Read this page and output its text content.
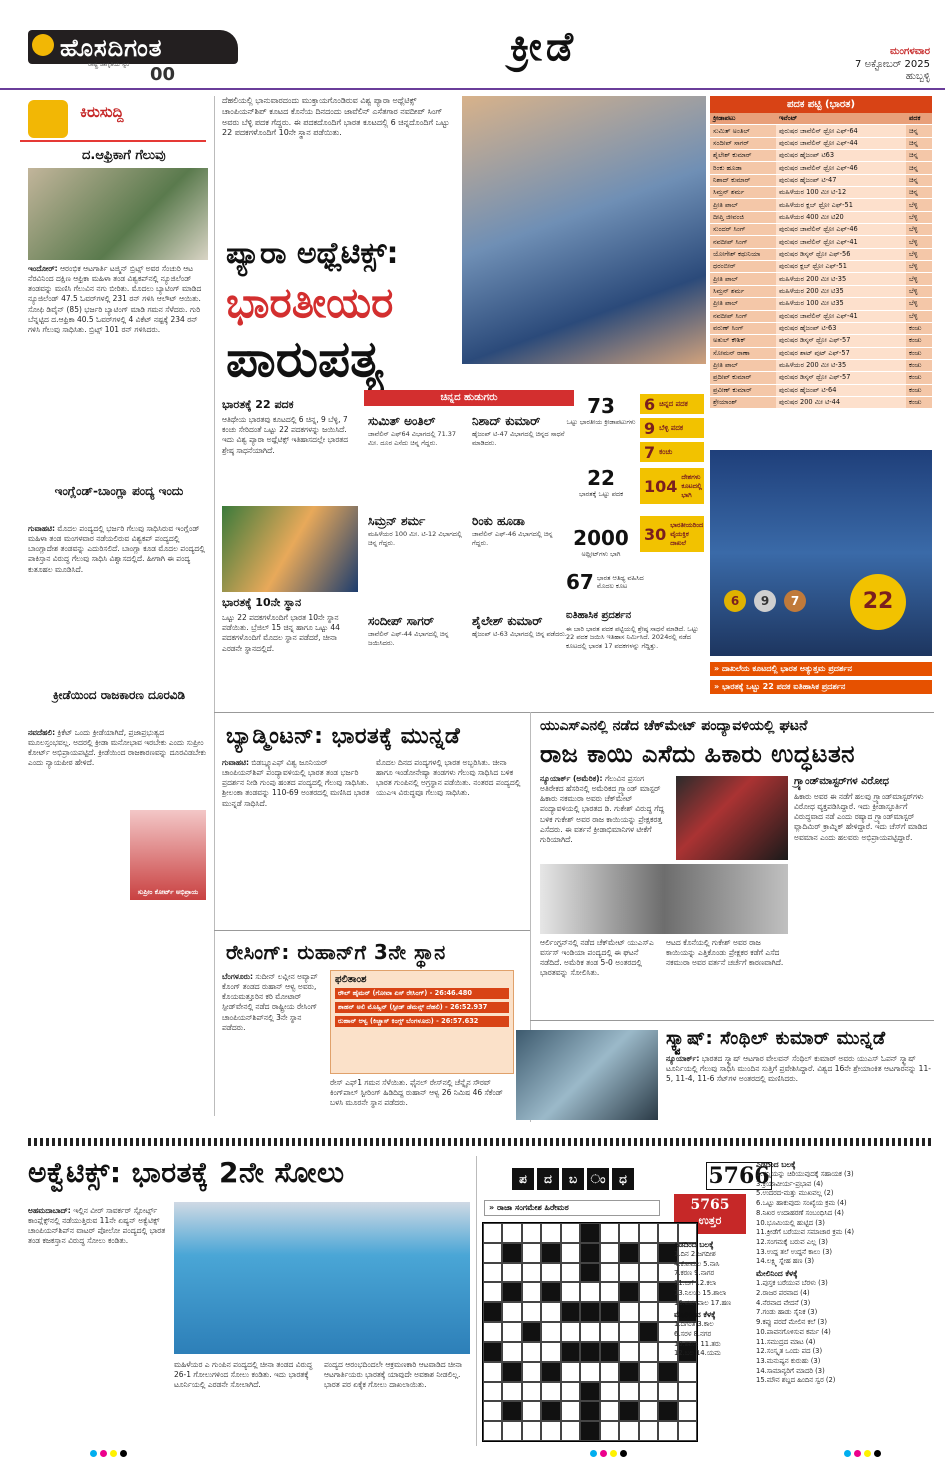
ಹೊಸದಿಗಂತ
ರಾಷ್ಟ್ರ ಜಾಗೃತಿಯ ಸ್ವರ 00
ಕ್ರೀಡೆ	ಮಂಗಳವಾರ
7 ಅಕ್ಟೋಬರ್ 2025
ಹುಬ್ಬಳ್ಳಿ
ಕಿರುಸುದ್ದಿ
ದ.ಆಫ್ರಿಕಾಗೆ ಗೆಲುವು
ಇಂದೋರ್: ಆರಂಭಿಕ ಆಟಗಾರ್ತಿ ಟಜ್ಮಿನ್ ಬ್ರಿಟ್ಸ್ ಅವರ ಸೆಂಚುರಿ ಆಟ ನೆರವಿನಿಂದ ದಕ್ಷಿಣ ಆಫ್ರಿಕಾ ಮಹಿಳಾ ತಂಡ ವಿಶ್ವಕಪ್‌ನಲ್ಲಿ ನ್ಯೂಜಿಲೆಂಡ್ ತಂಡವನ್ನು ಮಣಿಸಿ ಗೆಲುವಿನ ನಗು ಬೀರಿತು. ಮೊದಲು ಬ್ಯಾಟಿಂಗ್ ಮಾಡಿದ ನ್ಯೂಜಿಲೆಂಡ್ 47.5 ಓವರ್‌ಗಳಲ್ಲಿ 231 ರನ್ ಗಳಿಸಿ ಆಲೌಟ್ ಆಯಿತು. ಸೋಫಿ ಡಿವೈನ್ (85) ಭರ್ಜರಿ ಬ್ಯಾಟಿಂಗ್ ಮಾಡಿ ಗಮನ ಸೆಳೆದರು. ಗುರಿ ಬೆನ್ನಟ್ಟಿದ ದ.ಆಫ್ರಿಕಾ 40.5 ಓವರ್‌ಗಳಲ್ಲಿ 4 ವಿಕೆಟ್ ನಷ್ಟಕ್ಕೆ 234 ರನ್ ಗಳಿಸಿ ಗೆಲುವು ಸಾಧಿಸಿತು. ಬ್ರಿಟ್ಸ್ 101 ರನ್ ಗಳಿಸಿದರು.
ಇಂಗ್ಲೆಂಡ್-ಬಾಂಗ್ಲಾ ಪಂದ್ಯ ಇಂದು
ಗುವಾಹಟಿ: ಮೊದಲ ಪಂದ್ಯದಲ್ಲಿ ಭರ್ಜರಿ ಗೆಲುವು ಸಾಧಿಸಿರುವ ಇಂಗ್ಲೆಂಡ್ ಮಹಿಳಾ ತಂಡ ಮಂಗಳವಾರ ನಡೆಯಲಿರುವ ವಿಶ್ವಕಪ್ ಪಂದ್ಯದಲ್ಲಿ ಬಾಂಗ್ಲಾದೇಶ ತಂಡವನ್ನು ಎದುರಿಸಲಿದೆ. ಬಾಂಗ್ಲಾ ಕೂಡ ಮೊದಲ ಪಂದ್ಯದಲ್ಲಿ ಪಾಕಿಸ್ತಾನ ವಿರುದ್ಧ ಗೆಲುವು ಸಾಧಿಸಿ ವಿಶ್ವಾಸದಲ್ಲಿದೆ. ಹೀಗಾಗಿ ಈ ಪಂದ್ಯ ಕುತೂಹಲ ಮೂಡಿಸಿದೆ.
ಕ್ರೀಡೆಯಿಂದ ರಾಜಕಾರಣ ದೂರವಿಡಿ
ನವದೆಹಲಿ: ಕ್ರಿಕೆಟ್ ಒಂದು ಕ್ರೀಡೆಯಾಗಿದೆ, ಪ್ರಜಾಪ್ರಭುತ್ವದ ಮೂಲಸ್ತಂಭವಲ್ಲ. ಅದರಲ್ಲಿ ಕ್ರೀಡಾ ಮನೋಭಾವ ಇರಬೇಕು ಎಂದು ಸುಪ್ರೀಂ ಕೋರ್ಟ್ ಅಭಿಪ್ರಾಯಪಟ್ಟಿದೆ. ಕ್ರೀಡೆಯಿಂದ ರಾಜಕಾರಣವನ್ನು ದೂರವಿಡಬೇಕು ಎಂದು ನ್ಯಾಯಪೀಠ ಹೇಳಿದೆ.
ಸುಪ್ರೀಂ ಕೋರ್ಟ್ ಅಭಿಪ್ರಾಯ
ದೆಹಲಿಯಲ್ಲಿ ಭಾನುವಾರದಂದು ಮುಕ್ತಾಯಗೊಂಡಿರುವ ವಿಶ್ವ ಪ್ಯಾರಾ ಅಥ್ಲೆಟಿಕ್ಸ್ ಚಾಂಪಿಯನ್‌ಶಿಪ್ ಕೂಟದ ಕೊನೆಯ ದಿನದಂದು ಜಾವೆಲಿನ್ ಎಸೆತಗಾರ ನವದೀಪ್ ಸಿಂಗ್ ಅವರು ಬೆಳ್ಳಿ ಪದಕ ಗೆದ್ದರು. ಈ ಪದಕದೊಂದಿಗೆ ಭಾರತ ಕೂಟದಲ್ಲಿ 6 ಚಿನ್ನದೊಂದಿಗೆ ಒಟ್ಟು 22 ಪದಕಗಳೊಂದಿಗೆ 10ನೇ ಸ್ಥಾನ ಪಡೆಯಿತು.
ಪ್ಯಾರಾ ಅಥ್ಲೆಟಿಕ್ಸ್:
ಭಾರತೀಯರ
ಪಾರುಪತ್ಯ
ಭಾರತಕ್ಕೆ 22 ಪದಕ
ಆತಿಥೇಯ ಭಾರತವು ಕೂಟದಲ್ಲಿ 6 ಚಿನ್ನ, 9 ಬೆಳ್ಳಿ, 7 ಕಂಚು ಸೇರಿದಂತೆ ಒಟ್ಟು 22 ಪದಕಗಳನ್ನು ಜಯಿಸಿದೆ. ಇದು ವಿಶ್ವ ಪ್ಯಾರಾ ಅಥ್ಲೆಟಿಕ್ಸ್ ಇತಿಹಾಸದಲ್ಲೇ ಭಾರತದ ಶ್ರೇಷ್ಠ ಸಾಧನೆಯಾಗಿದೆ.
ಭಾರತಕ್ಕೆ 10ನೇ ಸ್ಥಾನ
ಒಟ್ಟು 22 ಪದಕಗಳೊಂದಿಗೆ ಭಾರತ 10ನೇ ಸ್ಥಾನ ಪಡೆಯಿತು. ಬ್ರೆಜಿಲ್ 15 ಚಿನ್ನ ಹಾಗೂ ಒಟ್ಟು 44 ಪದಕಗಳೊಂದಿಗೆ ಮೊದಲ ಸ್ಥಾನ ಪಡೆದರೆ, ಚೀನಾ ಎರಡನೇ ಸ್ಥಾನದಲ್ಲಿದೆ.
ಚಿನ್ನದ ಹುಡುಗರು
ಸುಮಿತ್ ಅಂತಿಲ್
ಜಾವೆಲಿನ್ ಎಫ್64 ವಿಭಾಗದಲ್ಲಿ 71.37 ಮೀ. ದೂರ ಎಸೆದು ಚಿನ್ನ ಗೆದ್ದರು.
ನಿಶಾದ್ ಕುಮಾರ್
ಹೈಜಂಪ್ ಟಿ-47 ವಿಭಾಗದಲ್ಲಿ ಚಿನ್ನದ ಸಾಧನೆ ಮಾಡಿದರು.
ಸಿಮ್ರನ್ ಶರ್ಮ
ಮಹಿಳೆಯರ 100 ಮೀ. ಟಿ-12 ವಿಭಾಗದಲ್ಲಿ ಚಿನ್ನ ಗೆದ್ದರು.
ರಿಂಕು ಹೂಡಾ
ಜಾವೆಲಿನ್ ಎಫ್-46 ವಿಭಾಗದಲ್ಲಿ ಚಿನ್ನ ಗೆದ್ದರು.
ಸಂದೀಪ್ ಸಾಗರ್
ಜಾವೆಲಿನ್ ಎಫ್-44 ವಿಭಾಗದಲ್ಲಿ ಚಿನ್ನ ಜಯಿಸಿದರು.
ಶೈಲೇಶ್ ಕುಮಾರ್
ಹೈಜಂಪ್ ಟಿ-63 ವಿಭಾಗದಲ್ಲಿ ಚಿನ್ನ ಪಡೆದರು.
73
ಒಟ್ಟು ಭಾರತೀಯ ಕ್ರೀಡಾಪಟುಗಳು
22
ಭಾರತಕ್ಕೆ ಒಟ್ಟು ಪದಕ
2000
ಅಥ್ಲೀಟ್‌ಗಳು ಭಾಗಿ
67 ಭಾರತ ಆತಿಥ್ಯ ವಹಿಸಿದ ಮೊದಲ ಕೂಟ
6 ಚಿನ್ನದ ಪದಕ
9 ಬೆಳ್ಳಿ ಪದಕ
7 ಕಂಚು
104 ದೇಶಗಳು ಕೂಟದಲ್ಲಿ ಭಾಗಿ
30 ಭಾರತೀಯರಿಂದ ವೈಯಕ್ತಿಕ ದಾಖಲೆ
ಐತಿಹಾಸಿಕ ಪ್ರದರ್ಶನ
ಈ ಬಾರಿ ಭಾರತ ಪದಕ ಪಟ್ಟಿಯಲ್ಲಿ ಶ್ರೇಷ್ಠ ಸಾಧನೆ ಮಾಡಿದೆ. ಒಟ್ಟು 22 ಪದಕ ಜಯಿಸಿ ಇತಿಹಾಸ ನಿರ್ಮಿಸಿದೆ. 2024ರಲ್ಲಿ ನಡೆದ ಕೂಟದಲ್ಲಿ ಭಾರತ 17 ಪದಕಗಳನ್ನು ಗೆದ್ದಿತ್ತು.
ಪದಕ ಪಟ್ಟಿ (ಭಾರತ)
ಕ್ರೀಡಾಪಟು	ಇವೆಂಟ್	ಪದಕ
ಸುಮಿತ್ ಅಂತಿಲ್	ಪುರುಷರ ಜಾವೆಲಿನ್ ಥ್ರೋ ಎಫ್-64	ಚಿನ್ನ
ಸಂದೀಪ್ ಸಾಗರ್	ಪುರುಷರ ಜಾವೆಲಿನ್ ಥ್ರೋ ಎಫ್-44	ಚಿನ್ನ
ಶೈಲೇಶ್ ಕುಮಾರ್	ಪುರುಷರ ಹೈಜಂಪ್ ಟಿ63	ಚಿನ್ನ
ರಿಂಕು ಹೂಡಾ	ಪುರುಷರ ಜಾವೆಲಿನ್ ಥ್ರೋ ಎಫ್-46	ಚಿನ್ನ
ನಿಶಾದ್ ಕುಮಾರ್	ಪುರುಷರ ಹೈಜಂಪ್ ಟಿ-47	ಚಿನ್ನ
ಸಿಮ್ರನ್ ಶರ್ಮ	ಮಹಿಳೆಯರ 100 ಮೀ ಟಿ-12	ಚಿನ್ನ
ಪ್ರೀತಿ ಪಾಲ್	ಮಹಿಳೆಯರ ಕ್ಲಬ್ ಥ್ರೋ ಎಫ್-51	ಬೆಳ್ಳಿ
ದೀಪ್ತಿ ಜೀವಂಜಿ	ಮಹಿಳೆಯರ 400 ಮೀ ಟಿ20	ಬೆಳ್ಳಿ
ಸುಂದರ್ ಸಿಂಗ್	ಪುರುಷರ ಜಾವೆಲಿನ್ ಥ್ರೋ ಎಫ್-46	ಬೆಳ್ಳಿ
ನವದೀಪ್ ಸಿಂಗ್	ಪುರುಷರ ಜಾವೆಲಿನ್ ಥ್ರೋ ಎಫ್-41	ಬೆಳ್ಳಿ
ಯೋಗೇಶ್ ಕಥುನಿಯಾ	ಪುರುಷರ ಡಿಸ್ಕಸ್ ಥ್ರೋ ಎಫ್-56	ಬೆಳ್ಳಿ
ಧರಂಬೀರ್	ಪುರುಷರ ಕ್ಲಬ್ ಥ್ರೋ ಎಫ್-51	ಬೆಳ್ಳಿ
ಪ್ರೀತಿ ಪಾಲ್	ಮಹಿಳೆಯರ 200 ಮೀ ಟಿ-35	ಬೆಳ್ಳಿ
ಸಿಮ್ರನ್ ಶರ್ಮ	ಮಹಿಳೆಯರ 200 ಮೀ ಟಿ35	ಬೆಳ್ಳಿ
ಪ್ರೀತಿ ಪಾಲ್	ಮಹಿಳೆಯರ 100 ಮೀ ಟಿ35	ಬೆಳ್ಳಿ
ನವದೀಪ್ ಸಿಂಗ್	ಪುರುಷರ ಜಾವೆಲಿನ್ ಥ್ರೋ ಎಫ್-41	ಬೆಳ್ಳಿ
ವರುಣ್ ಸಿಂಗ್	ಪುರುಷರ ಹೈಜಂಪ್ ಟಿ-63	ಕಂಚು
ಅತುಲ್ ಕೌಶಿಕ್	ಪುರುಷರ ಡಿಸ್ಕಸ್ ಥ್ರೋ ಎಫ್-57	ಕಂಚು
ಸೋಮನ್ ರಾಣಾ	ಪುರುಷರ ಶಾಟ್ ಪುಟ್ ಎಫ್-57	ಕಂಚು
ಪ್ರೀತಿ ಪಾಲ್	ಮಹಿಳೆಯರ 200 ಮೀ ಟಿ-35	ಕಂಚು
ಪ್ರದೀಪ್ ಕುಮಾರ್	ಪುರುಷರ ಡಿಸ್ಕಸ್ ಥ್ರೋ ಎಫ್-57	ಕಂಚು
ಪ್ರವೀಣ್ ಕುಮಾರ್	ಪುರುಷರ ಹೈಜಂಪ್ ಟಿ-64	ಕಂಚು
ಶ್ರೇಯಾಂಶ್	ಪುರುಷರ 200 ಮೀ ಟಿ-44	ಕಂಚು
6	9	7	22
» ದಾಖಲೆಯ ಕೂಟದಲ್ಲಿ ಭಾರತ ಅತ್ಯುತ್ತಮ ಪ್ರದರ್ಶನ
» ಭಾರತಕ್ಕೆ ಒಟ್ಟು 22 ಪದಕ ಐತಿಹಾಸಿಕ ಪ್ರದರ್ಶನ
ಬ್ಯಾಡ್ಮಿಂಟನ್: ಭಾರತಕ್ಕೆ ಮುನ್ನಡೆ
ಗುವಾಹಟಿ: ಬಿಡಬ್ಲ್ಯೂಎಫ್ ವಿಶ್ವ ಜೂನಿಯರ್ ಚಾಂಪಿಯನ್‌ಶಿಪ್ ಪಂದ್ಯಾವಳಿಯಲ್ಲಿ ಭಾರತ ತಂಡ ಭರ್ಜರಿ ಪ್ರದರ್ಶನ ನೀಡಿ ಗುಂಪು ಹಂತದ ಪಂದ್ಯದಲ್ಲಿ ಗೆಲುವು ಸಾಧಿಸಿತು. ಶ್ರೀಲಂಕಾ ತಂಡವನ್ನು 110-69 ಅಂತರದಲ್ಲಿ ಮಣಿಸಿದ ಭಾರತ ಮುನ್ನಡೆ ಸಾಧಿಸಿದೆ.
ಮೊದಲ ದಿನದ ಪಂದ್ಯಗಳಲ್ಲಿ ಭಾರತ ಅಬ್ಬರಿಸಿತು. ಚೀನಾ ಹಾಗೂ ಇಂಡೋನೇಷ್ಯಾ ತಂಡಗಳು ಗೆಲುವು ಸಾಧಿಸಿದ ಬಳಿಕ ಭಾರತ ಗುಂಪಿನಲ್ಲಿ ಅಗ್ರಸ್ಥಾನ ಪಡೆಯಿತು. ನಂತರದ ಪಂದ್ಯದಲ್ಲಿ ಯುಎಇ ವಿರುದ್ಧವೂ ಗೆಲುವು ಸಾಧಿಸಿತು.
ರೇಸಿಂಗ್: ರುಹಾನ್‌ಗೆ 3ನೇ ಸ್ಥಾನ
ಬೆಂಗಳೂರು: ಸುದೀನ್ ಲವ್ಲೀನ ಅವ್ಯಾಪ್ ಕೊಂಗ್ ತಂಡದ ರುಹಾನ್ ಆಳ್ವ ಅವರು, ಕೊಯಮತ್ತೂರಿನ ಕರಿ ಮೋಟಾರ್ ಸ್ಪೀಡ್‌ವೇನಲ್ಲಿ ನಡೆದ ರಾಷ್ಟ್ರೀಯ ರೇಸಿಂಗ್ ಚಾಂಪಿಯನ್‌ಶಿಪ್‌ನಲ್ಲಿ 3ನೇ ಸ್ಥಾನ ಪಡೆದರು.
ಫಲಿತಾಂಶ
ರೌಲ್ ಹೈಮನ್ (ಗೋವಾ ಏಸ್ ರೇಸಿಂಗ್) - 26:46.480
ಶಾಹನ್ ಅಲಿ ಮೊಹ್ಸಿನ್ (ಸ್ಪೀಡ್ ಡೆಮನ್ಸ್ ದೆಹಲಿ) - 26:52.937
ರುಹಾನ್ ಆಳ್ವ (ಕಿಚ್ಚಾಸ್ ಕಿಂಗ್ಸ್ ಬೆಂಗಳೂರು) - 26:57.632
ರೇಸ್ ಎಫ್1 ಗಮನ ಸೆಳೆಯಿತು. ಫೈನಲ್ ರೇಸ್‌ನಲ್ಲಿ ಚೆನ್ನೈನ ಸೌರವ್ ಕಿಂಗ್‌ಪಾಲ್ ಸ್ಟೀರಿಂಗ್ ಹಿಡಿದಿದ್ದ ರುಹಾನ್ ಆಳ್ವ 26 ನಿಮಿಷ 46 ಸೆಕೆಂಡ್ ಬಳಸಿ ಮೂರನೇ ಸ್ಥಾನ ಪಡೆದರು.
ಯುಎಸ್‌ಎನಲ್ಲಿ ನಡೆದ ಚೆಕ್‌ಮೇಟ್ ಪಂದ್ಯಾವಳಿಯಲ್ಲಿ ಘಟನೆ
ರಾಜ ಕಾಯಿ ಎಸೆದು ಹಿಕಾರು ಉದ್ಧಟತನ
ನ್ಯೂಯಾರ್ಕ್ (ಅಮೆರಿಕ): ಗೆಲುವಿನ ಪ್ರಸಂಗ ಅತಿರೇಕದ ಹೆಸರಿನಲ್ಲಿ ಅಮೆರಿಕದ ಗ್ರ್ಯಾಂಡ್ ಮಾಸ್ಟರ್ ಹಿಕಾರು ನಕಮುರಾ ಅವರು ಚೆಕ್‌ಮೇಟ್ ಪಂದ್ಯಾವಳಿಯಲ್ಲಿ ಭಾರತದ ಡಿ. ಗುಕೇಶ್ ವಿರುದ್ಧ ಗೆದ್ದ ಬಳಿಕ ಗುಕೇಶ್ ಅವರ ರಾಜ ಕಾಯಿಯನ್ನು ಪ್ರೇಕ್ಷಕರತ್ತ ಎಸೆದರು. ಈ ವರ್ತನೆ ಕ್ರೀಡಾಭಿಮಾನಿಗಳ ಟೀಕೆಗೆ ಗುರಿಯಾಗಿದೆ.
ಆರ್ಲಿಂಗ್ಟನ್‌ನಲ್ಲಿ ನಡೆದ ಚೆಕ್‌ಮೇಟ್ ಯುಎಸ್‌ಎ ವರ್ಸಸ್ ಇಂಡಿಯಾ ಪಂದ್ಯದಲ್ಲಿ ಈ ಘಟನೆ ನಡೆದಿದೆ. ಅಮೆರಿಕ ತಂಡ 5-0 ಅಂತರದಲ್ಲಿ ಭಾರತವನ್ನು ಸೋಲಿಸಿತು.
ಆಟದ ಕೊನೆಯಲ್ಲಿ ಗುಕೇಶ್ ಅವರ ರಾಜ ಕಾಯಿಯನ್ನು ಎತ್ತಿಕೊಂಡು ಪ್ರೇಕ್ಷಕರ ಕಡೆಗೆ ಎಸೆದ ನಕಮುರಾ ಅವರ ವರ್ತನೆ ಚರ್ಚೆಗೆ ಕಾರಣವಾಗಿದೆ.
ಗ್ರ್ಯಾಂಡ್‌ಮಾಸ್ಟರ್‌ಗಳ ವಿರೋಧ
ಹಿಕಾರು ಅವರ ಈ ನಡೆಗೆ ಹಲವು ಗ್ರ್ಯಾಂಡ್‌ಮಾಸ್ಟರ್‌ಗಳು ವಿರೋಧ ವ್ಯಕ್ತಪಡಿಸಿದ್ದಾರೆ. ಇದು ಕ್ರೀಡಾಸ್ಫೂರ್ತಿಗೆ ವಿರುದ್ಧವಾದ ನಡೆ ಎಂದು ರಷ್ಯಾದ ಗ್ರ್ಯಾಂಡ್‌ಮಾಸ್ಟರ್ ವ್ಲಾದಿಮಿರ್ ಕ್ರಾಮ್ನಿಕ್ ಹೇಳಿದ್ದಾರೆ. ಇದು ಚೆಸ್‌ಗೆ ಮಾಡಿದ ಅವಮಾನ ಎಂದು ಹಲವರು ಅಭಿಪ್ರಾಯಪಟ್ಟಿದ್ದಾರೆ.
ಸ್ಕ್ವಾಷ್: ಸೆಂಥಿಲ್ ಕುಮಾರ್ ಮುನ್ನಡೆ
ನ್ಯೂಯಾರ್ಕ್: ಭಾರತದ ಸ್ಕ್ವಾಷ್ ಆಟಗಾರ ವೇಲವನ್ ಸೆಂಥಿಲ್ ಕುಮಾರ್ ಅವರು ಯುಎಸ್ ಓಪನ್ ಸ್ಕ್ವಾಷ್ ಟೂರ್ನಿಯಲ್ಲಿ ಗೆಲುವು ಸಾಧಿಸಿ ಮುಂದಿನ ಸುತ್ತಿಗೆ ಪ್ರವೇಶಿಸಿದ್ದಾರೆ. ವಿಶ್ವದ 16ನೇ ಶ್ರೇಯಾಂಕಿತ ಆಟಗಾರನನ್ನು 11-5, 11-4, 11-6 ಸೆಟ್‌ಗಳ ಅಂತರದಲ್ಲಿ ಮಣಿಸಿದರು.
ಅಕ್ವೆಟಿಕ್ಸ್: ಭಾರತಕ್ಕೆ 2ನೇ ಸೋಲು
ಅಹಮದಾಬಾದ್: ಇಲ್ಲಿನ ವೀರ್ ಸಾವರ್ಕರ್ ಸ್ಪೋರ್ಟ್ಸ್ ಕಾಂಪ್ಲೆಕ್ಸ್‌ನಲ್ಲಿ ನಡೆಯುತ್ತಿರುವ 11ನೇ ಏಷ್ಯನ್ ಅಕ್ವೆಟಿಕ್ಸ್ ಚಾಂಪಿಯನ್‌ಶಿಪ್‌ನ ವಾಟರ್ ಪೋಲೋ ಪಂದ್ಯದಲ್ಲಿ ಭಾರತ ತಂಡ ಕಜಕಸ್ತಾನ ವಿರುದ್ಧ ಸೋಲು ಕಂಡಿತು.
ಮಹಿಳೆಯರ ಎ ಗುಂಪಿನ ಪಂದ್ಯದಲ್ಲಿ ಚೀನಾ ತಂಡದ ವಿರುದ್ಧ 26-1 ಗೋಲುಗಳಿಂದ ಸೋಲು ಕಂಡಿತು. ಇದು ಭಾರತಕ್ಕೆ ಟೂರ್ನಿಯಲ್ಲಿ ಎರಡನೇ ಸೋಲಾಗಿದೆ.
ಪಂದ್ಯದ ಆರಂಭದಿಂದಲೇ ಆಕ್ರಮಣಕಾರಿ ಆಟವಾಡಿದ ಚೀನಾ ಆಟಗಾರ್ತಿಯರು ಭಾರತಕ್ಕೆ ಯಾವುದೇ ಅವಕಾಶ ನೀಡಲಿಲ್ಲ. ಭಾರತ ಪರ ಏಕೈಕ ಗೋಲು ದಾಖಲಾಯಿತು.
ಪ	ದ	ಬ	ಂ	ಧ
» ರಾಜಾ ಸಂಗಮೇಶ ಹಿರೇಮಠ
5766
5765
ಉತ್ತರ
ಎಡದಿಂದ ಬಲಕ್ಕೆ
1.ದಿನ 2.ಜಗದೀಶ
4.ಕೋಮಲ 5.ನಾಸಿ
7.ಕರಣ 9.ನಾಗರ
11.ಬಗೆ 12.ಕಲಾ
13.ನಿಲಯ 15.ಶಾಲಾ
16.ವರ್ಷಪಾಲ 17.ಹಣ
ಮೇಲಿನಿಂದ ಕೆಳಕ್ಕೆ
1.ದಿಗಂತ 3.ಕಾಲ
6.ಸರಳ 8.ನಗರ
10.ಶಾಸನ 11.ತರು
12.ಬಲ 14.ಯಮ
ಎಡದಿಂದ ಬಲಕ್ಕೆ
1.ಸನ್ನಿಯನ್ನು ಚಿರಿಯುವುದಕ್ಕೆ ಸಹಾಯಕ (3)
3.ಕ್ರಿಯಾವೀರ್ಯ-ಪ್ರಭಾವ (4)
5.ಉದರದ-ಮತ್ತು ಮುಖವಲ್ಲ (2)
6.ಒಟ್ಟು ಹಾಕುವುದು ಸಂಖ್ಯೆಯ ಕ್ರಮ (4)
8.ನಿಖರ ಉದಾಹರಣೆ ಸಂಬಂಧಿಸಿದ (4)
10.ಭೂಮಿಯಲ್ಲಿ ಹುಟ್ಟಿದ (3)
11.ಕ್ರೀಡೆಗೆ ಬರೆಯುವ ಸಮಾಚಾರ ಕ್ರಮ (4)
12.ಸಂಗಮಕ್ಕೆ ಬರುವ ಎಲ್ಲ (3)
13.ಉದ್ದ ತಲೆ ಉದ್ದನೆ ಕಾಲು (3)
14.ಲಕ್ಷ್ಮಿ ಸ್ನೇಹ ಹಣ (3)
ಮೇಲಿನಿಂದ ಕೆಳಕ್ಕೆ
1.ಪುಸ್ತಕ ಬರೆಯುವ ಬೆರಳು (3)
2.ರಾಜರ ಪರವಾದ (4)
4.ನೆರವಾದ ವೇದನೆ (3)
7.ಗಂಡು ಹಾಡು ಸೈನಿಕ (3)
9.ಕಪ್ಪು ಪರದೆ ಮೇಲಿನ ಕಲೆ (3)
10.ಪಾವನಗೊಳಿಸುವ ಕರ್ಮ (4)
11.ಸಮುದ್ರದ ಮಾಟ (4)
12.ಸಂಸ್ಕೃತ ಒಂದು ಪದ (3)
13.ಮನುಷ್ಯನ ಕುರುಹು (3)
14.ಸಾಮಾನ್ಯರಿಗೆ ಮಾದರಿ (3)
15.ಮೌನ ಶಬ್ದದ ಹಿಂದಿನ ಸ್ವರ (2)
